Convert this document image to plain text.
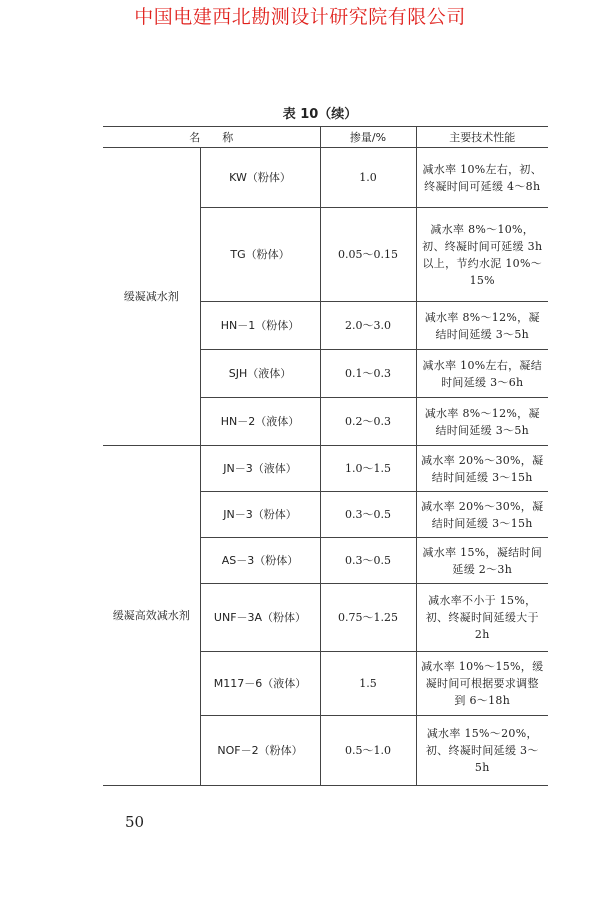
中国电建西北勘测设计研究院有限公司
表 10（续）
名　　称		掺量/%	主要技术性能
缓凝减水剂	KW（粉体）	1.0	减水率 10%左右，初、终凝时间可延缓 4～8h
	TG（粉体）	0.05～0.15	减水率 8%～10%，初、终凝时间可延缓 3h 以上，节约水泥 10%～15%
	HN－1（粉体）	2.0～3.0	减水率 8%～12%，凝结时间延缓 3～5h
	SJH（液体）	0.1～0.3	减水率 10%左右，凝结时间延缓 3～6h
	HN－2（液体）	0.2～0.3	减水率 8%～12%，凝结时间延缓 3～5h
缓凝高效减水剂	JN－3（液体）	1.0～1.5	减水率 20%～30%，凝结时间延缓 3～15h
	JN－3（粉体）	0.3～0.5	减水率 20%～30%，凝结时间延缓 3～15h
	AS－3（粉体）	0.3～0.5	减水率 15%，凝结时间延缓 2～3h
	UNF－3A（粉体）	0.75～1.25	减水率不小于 15%，初、终凝时间延缓大于 2h
	M117－6（液体）	1.5	减水率 10%～15%，缓凝时间可根据要求调整到 6～18h
	NOF－2（粉体）	0.5～1.0	减水率 15%～20%，初、终凝时间延缓 3～5h
50
